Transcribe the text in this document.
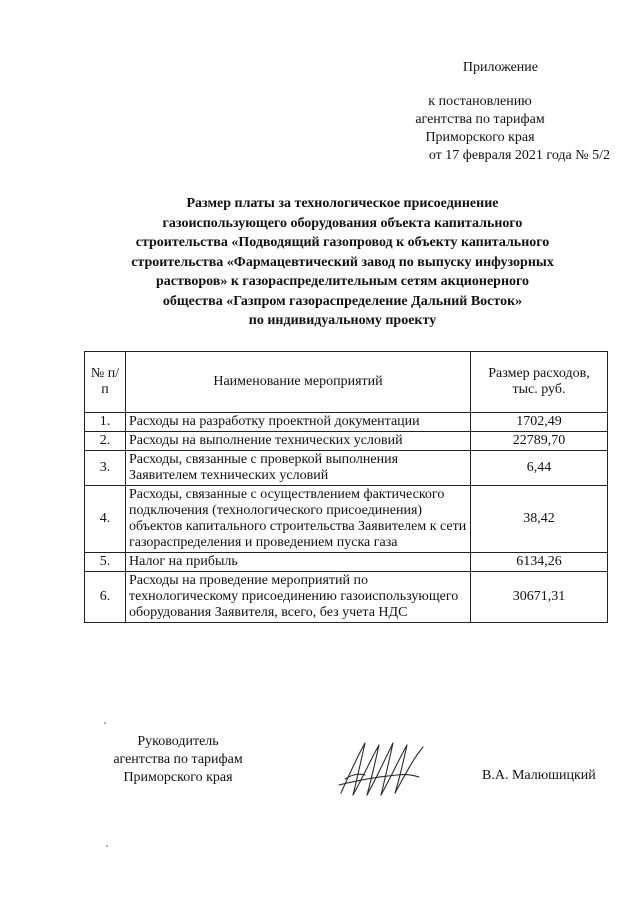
Приложение
к постановлению
агентства по тарифам
Приморского края
от 17 февраля 2021 года № 5/2
Размер платы за технологическое присоединение
газоиспользующего оборудования объекта капитального
строительства «Подводящий газопровод к объекту капитального
строительства «Фармацевтический завод по выпуску инфузорных
растворов» к газораспределительным сетям акционерного
общества «Газпром газораспределение Дальний Восток»
по индивидуальному проекту
№ п/п	Наименование мероприятий	Размер расходов, тыс. руб.
1.	Расходы на разработку проектной документации	1702,49
2.	Расходы на выполнение технических условий	22789,70
3.	Расходы, связанные с проверкой выполнения Заявителем технических условий	6,44
4.	Расходы, связанные с осуществлением фактического подключения (технологического присоединения) объектов капитального строительства Заявителем к сети газораспределения и проведением пуска газа	38,42
5.	Налог на прибыль	6134,26
6.	Расходы на проведение мероприятий по технологическому присоединению газоиспользующего оборудования Заявителя, всего, без учета НДС	30671,31
Руководитель
агентства по тарифам
Приморского края	В.А. Малюшицкий
